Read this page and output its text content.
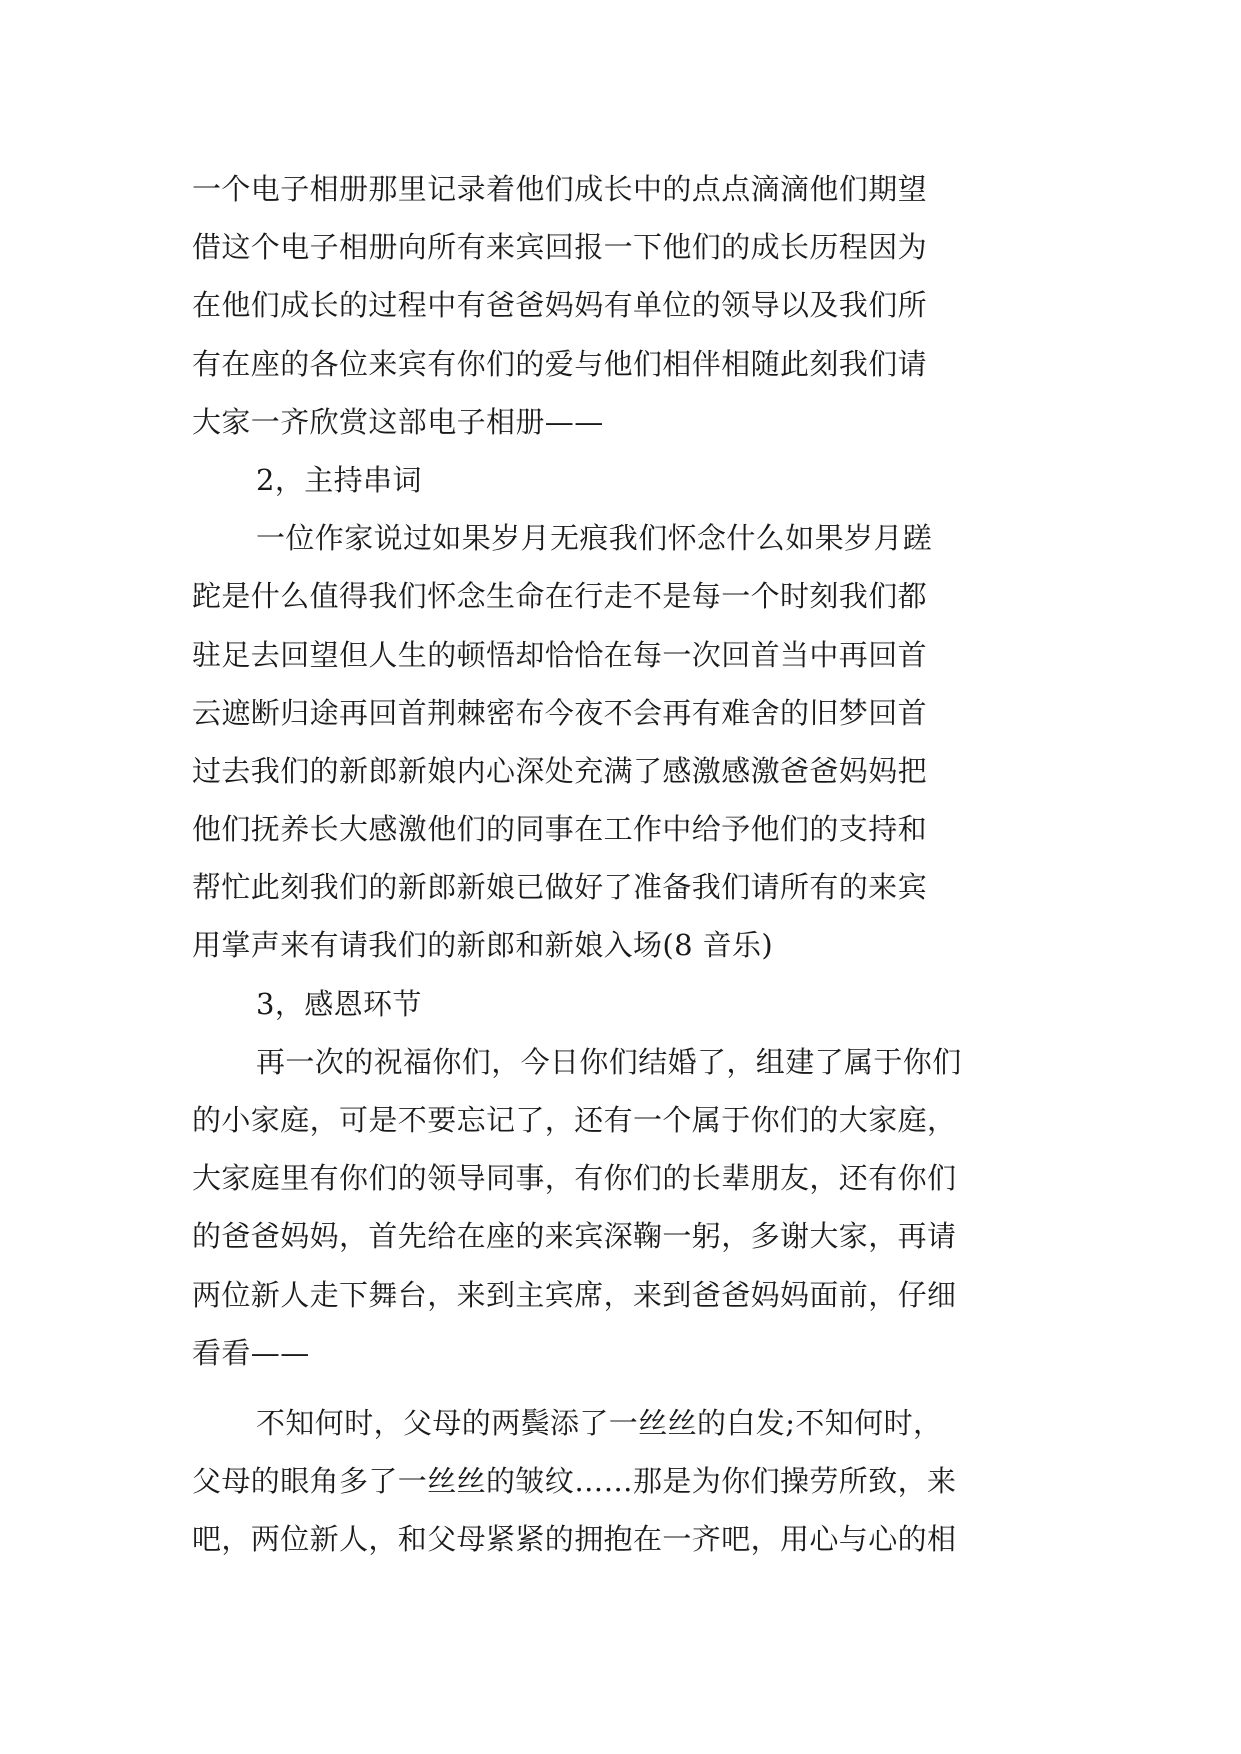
一个电子相册那里记录着他们成长中的点点滴滴他们期望
借这个电子相册向所有来宾回报一下他们的成长历程因为
在他们成长的过程中有爸爸妈妈有单位的领导以及我们所
有在座的各位来宾有你们的爱与他们相伴相随此刻我们请
大家一齐欣赏这部电子相册——
2，主持串词
一位作家说过如果岁月无痕我们怀念什么如果岁月蹉
跎是什么值得我们怀念生命在行走不是每一个时刻我们都
驻足去回望但人生的顿悟却恰恰在每一次回首当中再回首
云遮断归途再回首荆棘密布今夜不会再有难舍的旧梦回首
过去我们的新郎新娘内心深处充满了感激感激爸爸妈妈把
他们抚养长大感激他们的同事在工作中给予他们的支持和
帮忙此刻我们的新郎新娘已做好了准备我们请所有的来宾
用掌声来有请我们的新郎和新娘入场(8 音乐)
3，感恩环节
再一次的祝福你们，今日你们结婚了，组建了属于你们
的小家庭，可是不要忘记了，还有一个属于你们的大家庭，
大家庭里有你们的领导同事，有你们的长辈朋友，还有你们
的爸爸妈妈，首先给在座的来宾深鞠一躬，多谢大家，再请
两位新人走下舞台，来到主宾席，来到爸爸妈妈面前，仔细
看看——
不知何时，父母的两鬓添了一丝丝的白发;不知何时，
父母的眼角多了一丝丝的皱纹……那是为你们操劳所致，来
吧，两位新人，和父母紧紧的拥抱在一齐吧，用心与心的相
